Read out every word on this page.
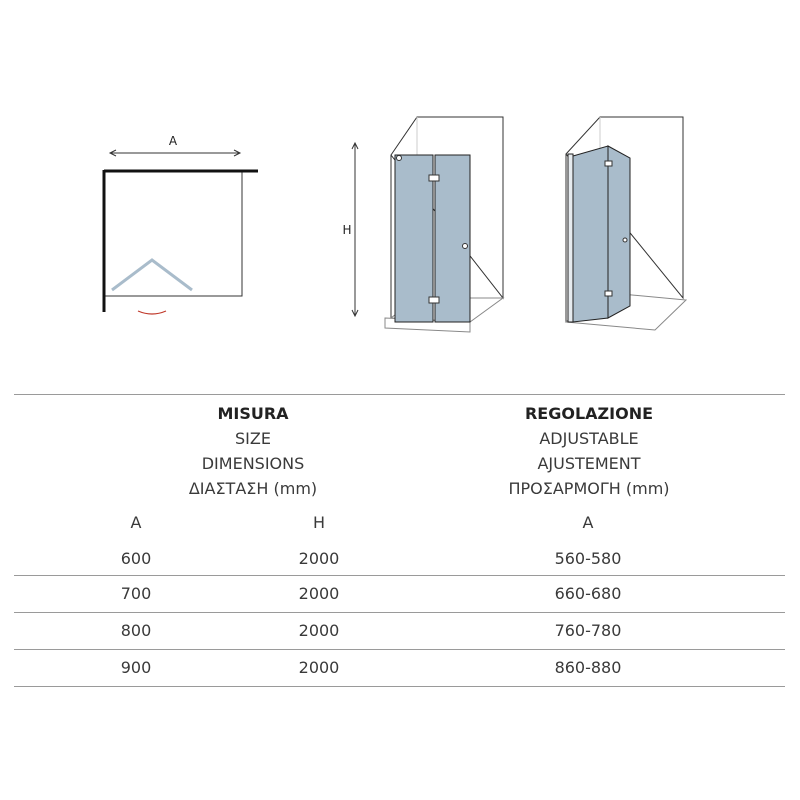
A
H
MISURA
SIZE
DIMENSIONS
ΔΙΑΣΤΑΣΗ (mm)
REGOLAZIONE
ADJUSTABLE
AJUSTEMENT
ΠΡΟΣΑΡΜΟΓΗ (mm)
A	H	A
600	2000	560-580
700	2000	660-680
800	2000	760-780
900	2000	860-880
